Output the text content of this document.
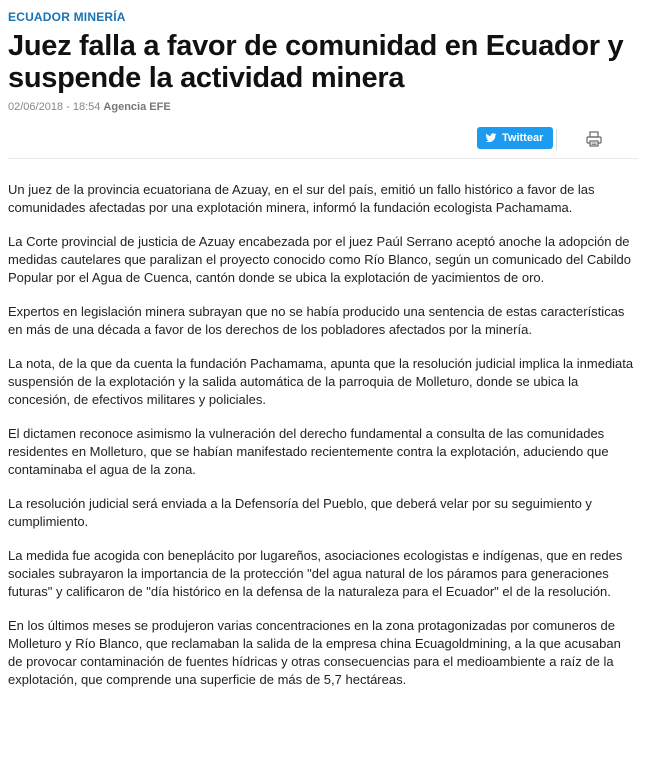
ECUADOR MINERÍA
Juez falla a favor de comunidad en Ecuador y suspende la actividad minera
02/06/2018 - 18:54 Agencia EFE
Twittear

Un juez de la provincia ecuatoriana de Azuay, en el sur del país, emitió un fallo histórico a favor de las comunidades afectadas por una explotación minera, informó la fundación ecologista Pachamama.

La Corte provincial de justicia de Azuay encabezada por el juez Paúl Serrano aceptó anoche la adopción de medidas cautelares que paralizan el proyecto conocido como Río Blanco, según un comunicado del Cabildo Popular por el Agua de Cuenca, cantón donde se ubica la explotación de yacimientos de oro.

Expertos en legislación minera subrayan que no se había producido una sentencia de estas características en más de una década a favor de los derechos de los pobladores afectados por la minería.

La nota, de la que da cuenta la fundación Pachamama, apunta que la resolución judicial implica la inmediata suspensión de la explotación y la salida automática de la parroquia de Molleturo, donde se ubica la concesión, de efectivos militares y policiales.

El dictamen reconoce asimismo la vulneración del derecho fundamental a consulta de las comunidades residentes en Molleturo, que se habían manifestado recientemente contra la explotación, aduciendo que contaminaba el agua de la zona.

La resolución judicial será enviada a la Defensoría del Pueblo, que deberá velar por su seguimiento y cumplimiento.

La medida fue acogida con beneplácito por lugareños, asociaciones ecologistas e indígenas, que en redes sociales subrayaron la importancia de la protección "del agua natural de los páramos para generaciones futuras" y calificaron de "día histórico en la defensa de la naturaleza para el Ecuador" el de la resolución.

En los últimos meses se produjeron varias concentraciones en la zona protagonizadas por comuneros de Molleturo y Río Blanco, que reclamaban la salida de la empresa china Ecuagoldmining, a la que acusaban de provocar contaminación de fuentes hídricas y otras consecuencias para el medioambiente a raíz de la explotación, que comprende una superficie de más de 5,7 hectáreas.
